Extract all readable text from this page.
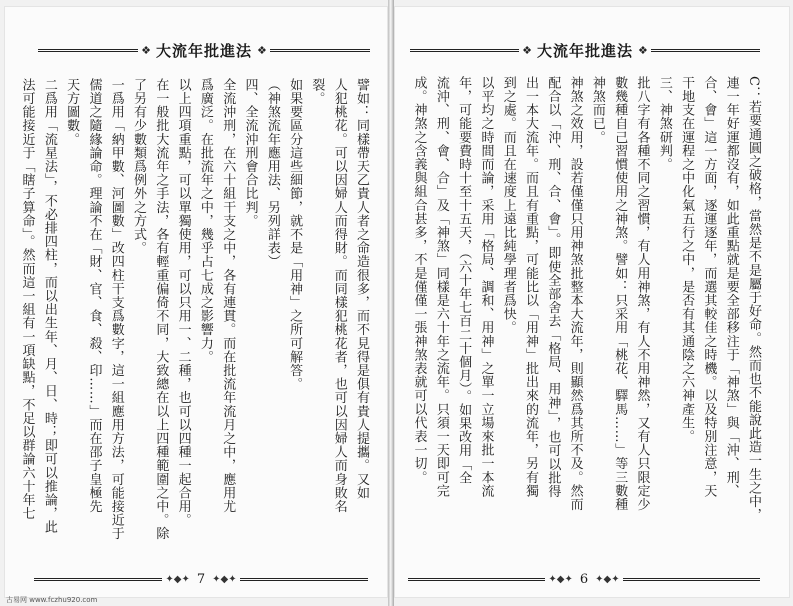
❖ 大流年批進法 ❖
譬如：同樣帶天乙貴人者之命造很多，而不見得是俱有貴人提攜。又如
人犯桃花。可以因婦人而得財。而同樣犯桃花者，也可以因婦人而身敗名
裂。
如果要區分這些細節，就不是「用神」之所可解答。
（神煞流年應用法、另列詳表）
四、全流沖刑會合比判。
全流沖刑，在六十組干支之中，各有連貫。而在批流年流月之中，應用尤
爲廣泛。在批流年之中，幾乎占七成之影響力。
以上四項重點，可以單獨使用，可以只用一、二種，也可以四種一起合用。
在一般批大流年之手法，各有輕重偏倚不同，大致總在以上四種範圍之中。除
了另有少數類爲例外之方式。
一爲用「納甲數、河圖數」改四柱干支爲數字，這一組應用方法，可能接近于
儒道之隨緣論命。理論不在「財、官、食、殺、印……」而在邵子皇極先
天方圖數。
二爲用「流星法」，不必排四柱，而以出生年、月、日、時；即可以推論，此
法可能接近于「瞎子算命」。然而這一組有一項缺點，不足以群論六十年七
✦◆✦ 7 ✦◆✦
❖ 大流年批進法 ❖
C：若要通圓之破格，當然是不是屬于好命。然而也不能說此造一生之中，
連一年好運都沒有，如此重點就是要全部移注于「神煞」與「沖、刑、
合、會」這一方面，逐運逐年，而選其較佳之時機。以及特別注意，天
干地支在運程之中化氣五行之中，是否有其通陰之六神產生。
三、神煞研判。
批八字有各種不同之習慣，有人用神煞，有人不用神然，又有人只限定少
數幾種自己習慣使用之神煞。譬如：只采用「桃花、驛馬……」等三數種
神煞而已。
神煞之效用，設若僅僅只用神煞批整本大流年，則顯然爲其所不及。然而
配合以「沖、刑、合、會」。即使全部舍去「格局、用神」，也可以批得
出一本大流年。而且有重點，可能比以「用神」批出來的流年，另有獨
到之處。而且在速度上遠比純學理者爲快。
以平均之時間而論，采用「格局、調和、用神」之單一立場來批一本流
年，可能要費時十至十五天，（六十年七百二十個月）。如果改用「全
流沖、刑、會、合」及「神煞」同樣是六十年之流年。只須一天即可完
成。神煞之含義與組合甚多，不是僅僅一張神煞表就可以代表一切。
✦◆✦ 6 ✦◆✦
古易网 www.fczhu920.com
